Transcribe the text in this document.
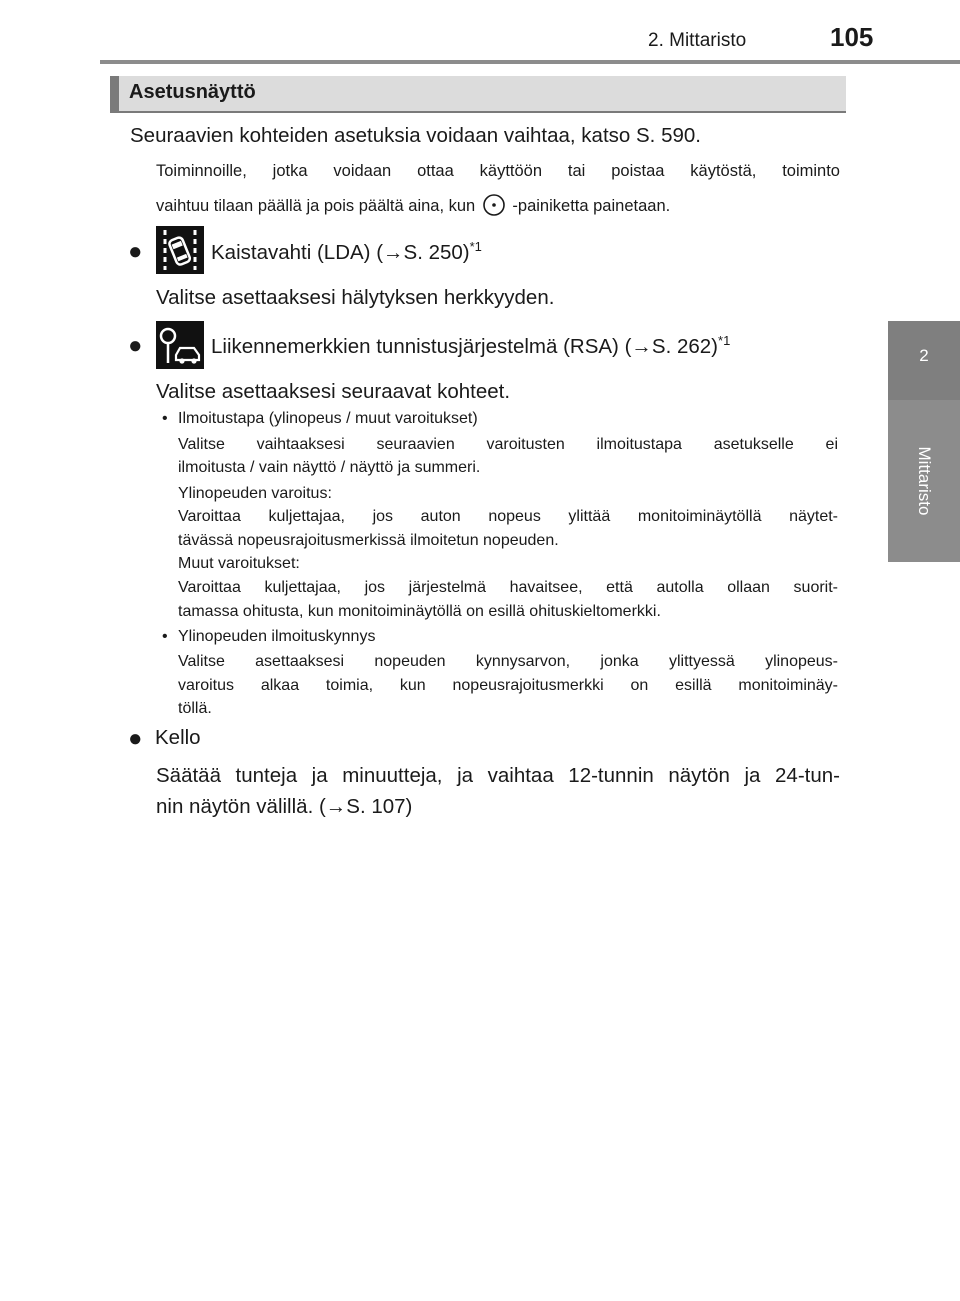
2. Mittaristo	105
2
Mittaristo
Asetusnäyttö
Seuraavien kohteiden asetuksia voidaan vaihtaa, katso S. 590.
Toiminnoille, jotka voidaan ottaa käyttöön tai poistaa käytöstä, toiminto
vaihtuu tilaan päällä ja pois päältä aina, kun -painiketta painetaan.
●	Kaistavahti (LDA) (→S. 250)$^{*1}$
Valitse asettaaksesi hälytyksen herkkyyden.
●	Liikennemerkkien tunnistusjärjestelmä (RSA) (→S. 262)$^{*1}$
Valitse asettaaksesi seuraavat kohteet.
• Ilmoitustapa (ylinopeus / muut varoitukset)
Valitse vaihtaaksesi seuraavien varoitusten ilmoitustapa asetukselle ei
ilmoitusta / vain näyttö / näyttö ja summeri.
Ylinopeuden varoitus:
Varoittaa kuljettajaa, jos auton nopeus ylittää monitoiminäytöllä näytet-
tävässä nopeusrajoitusmerkissä ilmoitetun nopeuden.
Muut varoitukset:
Varoittaa kuljettajaa, jos järjestelmä havaitsee, että autolla ollaan suorit-
tamassa ohitusta, kun monitoiminäytöllä on esillä ohituskieltomerkki.
• Ylinopeuden ilmoituskynnys
Valitse asettaaksesi nopeuden kynnysarvon, jonka ylittyessä ylinopeus-
varoitus alkaa toimia, kun nopeusrajoitusmerkki on esillä monitoiminäy-
töllä.
● Kello
Säätää tunteja ja minuutteja, ja vaihtaa 12-tunnin näytön ja 24-tun-
nin näytön välillä. (→S. 107)
